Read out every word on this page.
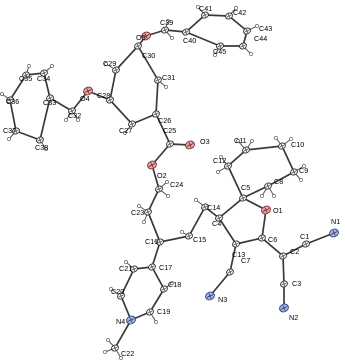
N1
C1
C2
C3
N2
C6
O1
C7
C13
N3
C4
C5
C8
C9
C10
C11
C12
C14
C15
C16
C17
C18
C19
N4
C20
C21
C22
C23
C24
O2
C25
O3
C26
C27
C28
O4
C29
C30
C31
O5
C39
C40
C41	C42
C43
C44
C45
C32
C33
C34
C35
C36
C37
C38
